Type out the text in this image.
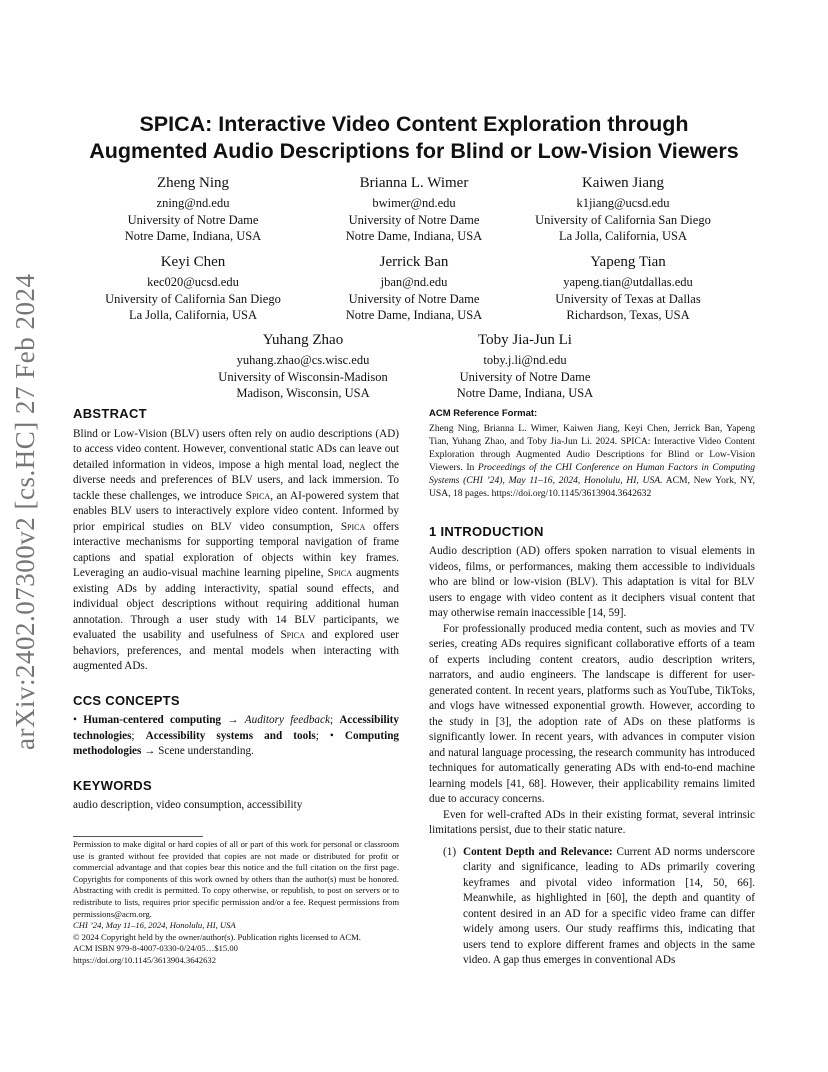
arXiv:2402.07300v2 [cs.HC] 27 Feb 2024
SPICA: Interactive Video Content Exploration through
Augmented Audio Descriptions for Blind or Low-Vision Viewers
Zheng Ning
zning@nd.edu
University of Notre Dame
Notre Dame, Indiana, USA
Brianna L. Wimer
bwimer@nd.edu
University of Notre Dame
Notre Dame, Indiana, USA
Kaiwen Jiang
k1jiang@ucsd.edu
University of California San Diego
La Jolla, California, USA
Keyi Chen
kec020@ucsd.edu
University of California San Diego
La Jolla, California, USA
Jerrick Ban
jban@nd.edu
University of Notre Dame
Notre Dame, Indiana, USA
Yapeng Tian
yapeng.tian@utdallas.edu
University of Texas at Dallas
Richardson, Texas, USA
Yuhang Zhao
yuhang.zhao@cs.wisc.edu
University of Wisconsin-Madison
Madison, Wisconsin, USA
Toby Jia-Jun Li
toby.j.li@nd.edu
University of Notre Dame
Notre Dame, Indiana, USA
ABSTRACT

Blind or Low-Vision (BLV) users often rely on audio descriptions (AD) to access video content. However, conventional static ADs can leave out detailed information in videos, impose a high mental load, neglect the diverse needs and preferences of BLV users, and lack immersion. To tackle these challenges, we introduce Spica, an AI-powered system that enables BLV users to interactively explore video content. Informed by prior empirical studies on BLV video consumption, Spica offers interactive mechanisms for supporting temporal navigation of frame captions and spatial exploration of objects within key frames. Leveraging an audio-visual machine learning pipeline, Spica augments existing ADs by adding interactivity, spatial sound effects, and individual object descriptions without requiring additional human annotation. Through a user study with 14 BLV participants, we evaluated the usability and usefulness of Spica and explored user behaviors, preferences, and mental models when interacting with augmented ADs.

CCS CONCEPTS

• Human-centered computing → Auditory feedback; Accessibility technologies; Accessibility systems and tools; • Computing methodologies → Scene understanding.

KEYWORDS

audio description, video consumption, accessibility

Permission to make digital or hard copies of all or part of this work for personal or classroom use is granted without fee provided that copies are not made or distributed for profit or commercial advantage and that copies bear this notice and the full citation on the first page. Copyrights for components of this work owned by others than the author(s) must be honored. Abstracting with credit is permitted. To copy otherwise, or republish, to post on servers or to redistribute to lists, requires prior specific permission and/or a fee. Request permissions from permissions@acm.org.
CHI ’24, May 11–16, 2024, Honolulu, HI, USA
© 2024 Copyright held by the owner/author(s). Publication rights licensed to ACM.
ACM ISBN 979-8-4007-0330-0/24/05…$15.00
https://doi.org/10.1145/3613904.3642632
ACM Reference Format:

Zheng Ning, Brianna L. Wimer, Kaiwen Jiang, Keyi Chen, Jerrick Ban, Yapeng Tian, Yuhang Zhao, and Toby Jia-Jun Li. 2024. SPICA: Interactive Video Content Exploration through Augmented Audio Descriptions for Blind or Low-Vision Viewers. In Proceedings of the CHI Conference on Human Factors in Computing Systems (CHI ’24), May 11–16, 2024, Honolulu, HI, USA. ACM, New York, NY, USA, 18 pages. https://doi.org/10.1145/3613904.3642632

1 INTRODUCTION

Audio description (AD) offers spoken narration to visual elements in videos, films, or performances, making them accessible to individuals who are blind or low-vision (BLV). This adaptation is vital for BLV users to engage with video content as it deciphers visual content that may otherwise remain inaccessible [14, 59].

For professionally produced media content, such as movies and TV series, creating ADs requires significant collaborative efforts of a team of experts including content creators, audio description writers, narrators, and audio engineers. The landscape is different for user-generated content. In recent years, platforms such as YouTube, TikToks, and vlogs have witnessed exponential growth. However, according to the study in [3], the adoption rate of ADs on these platforms is significantly lower. In recent years, with advances in computer vision and natural language processing, the research community has introduced techniques for automatically generating ADs with end-to-end machine learning models [41, 68]. However, their applicability remains limited due to accuracy concerns.

Even for well-crafted ADs in their existing format, several intrinsic limitations persist, due to their static nature.

(1) Content Depth and Relevance: Current AD norms underscore clarity and significance, leading to ADs primarily covering keyframes and pivotal video information [14, 50, 66]. Meanwhile, as highlighted in [60], the depth and quantity of content desired in an AD for a specific video frame can differ widely among users. Our study reaffirms this, indicating that users tend to explore different frames and objects in the same video. A gap thus emerges in conventional ADs
